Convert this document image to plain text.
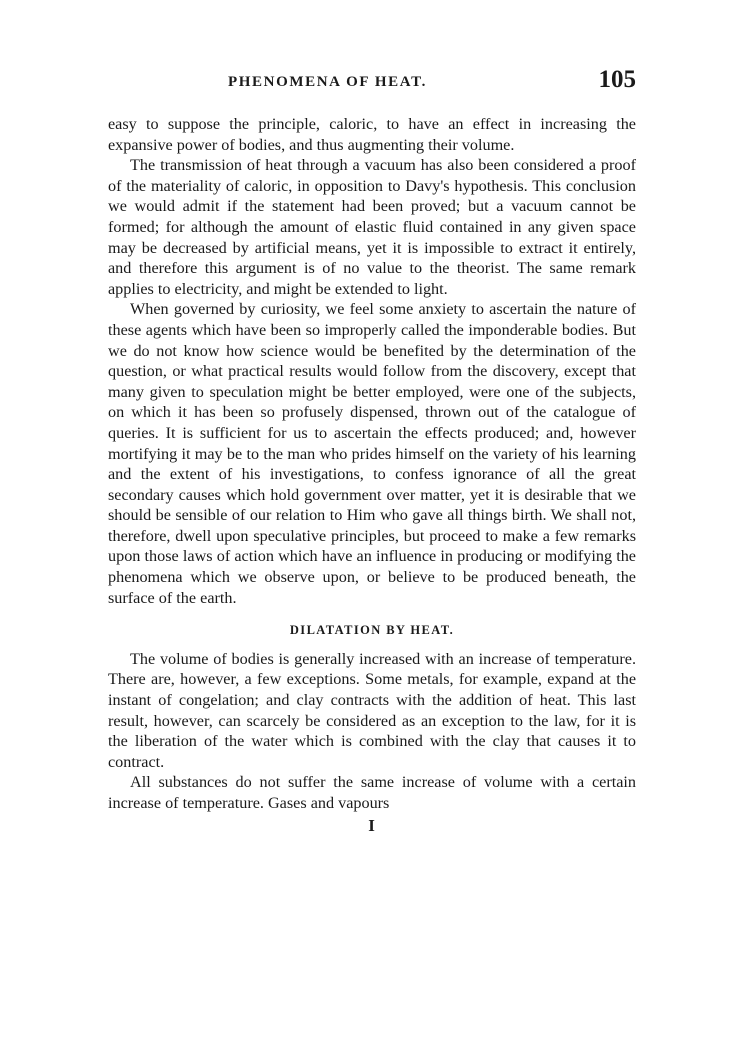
PHENOMENA OF HEAT.	105

easy to suppose the principle, caloric, to have an effect in increasing the expansive power of bodies, and thus augmenting their volume.

The transmission of heat through a vacuum has also been considered a proof of the materiality of caloric, in opposition to Davy's hypothesis. This conclusion we would admit if the statement had been proved; but a vacuum cannot be formed; for although the amount of elastic fluid contained in any given space may be decreased by artificial means, yet it is impossible to extract it entirely, and therefore this argument is of no value to the theorist. The same remark applies to electricity, and might be extended to light.

When governed by curiosity, we feel some anxiety to ascertain the nature of these agents which have been so improperly called the imponderable bodies. But we do not know how science would be benefited by the determination of the question, or what practical results would follow from the discovery, except that many given to speculation might be better employed, were one of the subjects, on which it has been so profusely dispensed, thrown out of the catalogue of queries. It is sufficient for us to ascertain the effects produced; and, however mortifying it may be to the man who prides himself on the variety of his learning and the extent of his investigations, to confess ignorance of all the great secondary causes which hold government over matter, yet it is desirable that we should be sensible of our relation to Him who gave all things birth. We shall not, therefore, dwell upon speculative principles, but proceed to make a few remarks upon those laws of action which have an influence in producing or modifying the phenomena which we observe upon, or believe to be produced beneath, the surface of the earth.

DILATATION BY HEAT.

The volume of bodies is generally increased with an increase of temperature. There are, however, a few exceptions. Some metals, for example, expand at the instant of congelation; and clay contracts with the addition of heat. This last result, however, can scarcely be considered as an exception to the law, for it is the liberation of the water which is combined with the clay that causes it to contract.

All substances do not suffer the same increase of volume with a certain increase of temperature. Gases and vapours

I
